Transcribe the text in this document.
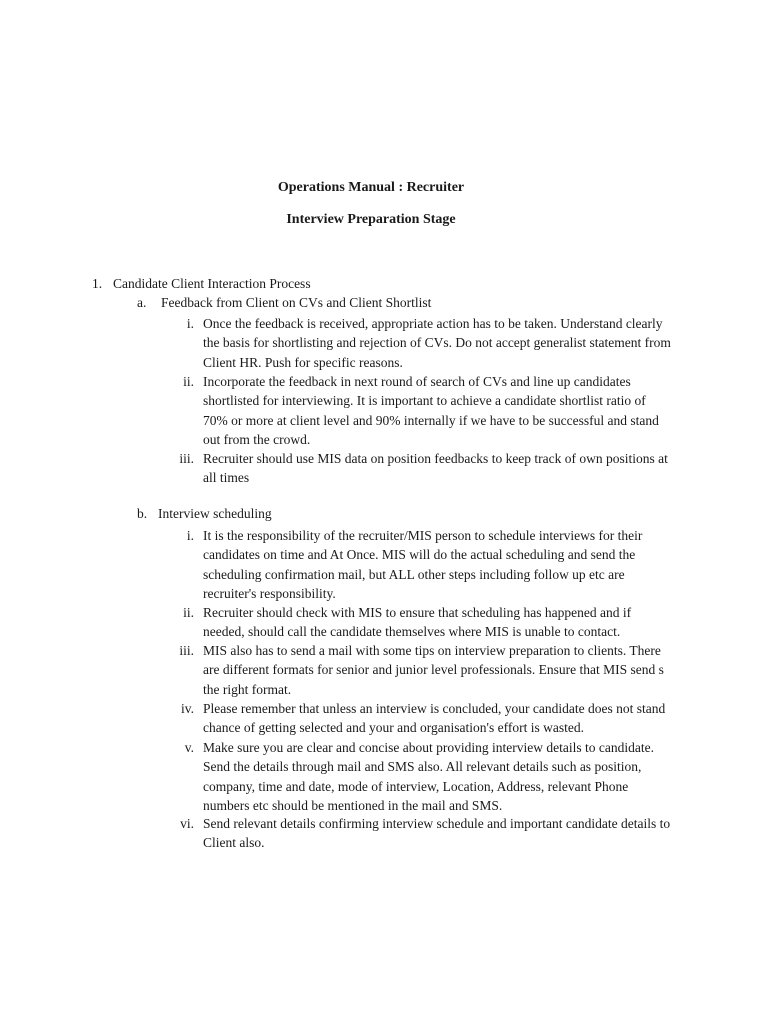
Operations Manual : Recruiter
Interview Preparation Stage
1. Candidate Client Interaction Process
a. Feedback from Client on CVs and Client Shortlist
i. Once the feedback is received, appropriate action has to be taken. Understand clearly the basis for shortlisting and rejection of CVs. Do not accept generalist statement from Client HR. Push for specific reasons.
ii. Incorporate the feedback in next round of search of CVs and line up candidates shortlisted for interviewing. It is important to achieve a candidate shortlist ratio of 70% or more at client level and 90% internally if we have to be successful and stand out from the crowd.
iii. Recruiter should use MIS data on position feedbacks to keep track of own positions at all times
b. Interview scheduling
i. It is the responsibility of the recruiter/MIS person to schedule interviews for their candidates on time and At Once. MIS will do the actual scheduling and send the scheduling confirmation mail, but ALL other steps including follow up etc are recruiter's responsibility.
ii. Recruiter should check with MIS to ensure that scheduling has happened and if needed, should call the candidate themselves where MIS is unable to contact.
iii. MIS also has to send a mail with some tips on interview preparation to clients. There are different formats for senior and junior level professionals. Ensure that MIS send s the right format.
iv. Please remember that unless an interview is concluded, your candidate does not stand chance of getting selected and your and organisation's effort is wasted.
v. Make sure you are clear and concise about providing interview details to candidate. Send the details through mail and SMS also. All relevant details such as position, company, time and date, mode of interview, Location, Address, relevant Phone numbers etc should be mentioned in the mail and SMS.
vi. Send relevant details confirming interview schedule and important candidate details to Client also.
